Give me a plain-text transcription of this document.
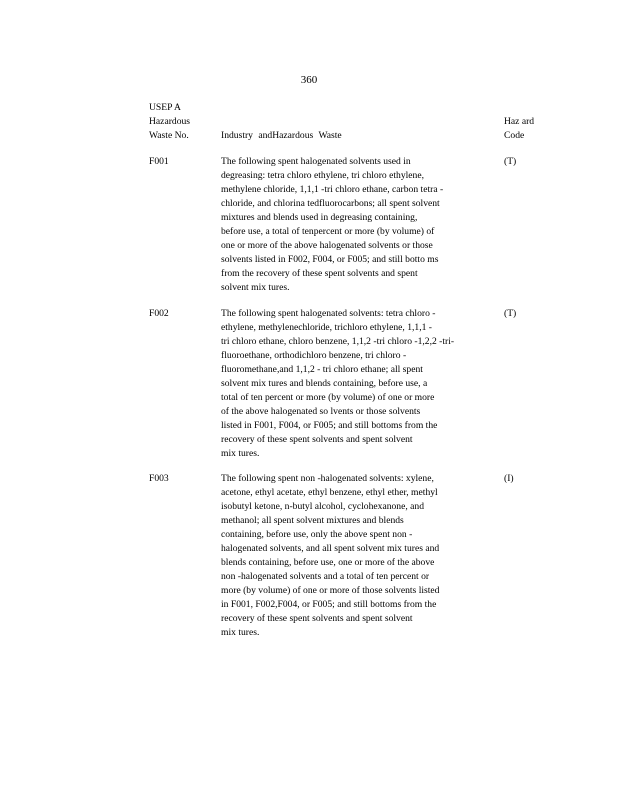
360
USEP A
Hazardous
Waste No.	Industry andHazardous Waste
Haz ard
Code
F001	The following spent halogenated solvents used in
degreasing: tetra chloro ethylene, tri chloro ethylene,
methylene chloride, 1,1,1 -tri chloro ethane, carbon tetra -
chloride, and chlorina tedfluorocarbons; all spent solvent
mixtures and blends used in degreasing containing,
before use, a total of tenpercent or more (by volume) of
one or more of the above halogenated solvents or those
solvents listed in F002, F004, or F005; and still botto ms
from the recovery of these spent solvents and spent
solvent mix tures.
(T)
F002	The following spent halogenated solvents: tetra chloro -
ethylene, methylenechloride, trichloro ethylene, 1,1,1 -
tri chloro ethane, chloro benzene, 1,1,2 -tri chloro -1,2,2 -tri-
fluoroethane, orthodichloro benzene, tri chloro -
fluoromethane,and 1,1,2 - tri chloro ethane; all spent
solvent mix tures and blends containing, before use, a
total of ten percent or more (by volume) of one or more
of the above halogenated so lvents or those solvents
listed in F001, F004, or F005; and still bottoms from the
recovery of these spent solvents and spent solvent
mix tures.
(T)
F003	The following spent non -halogenated solvents: xylene,
acetone, ethyl acetate, ethyl benzene, ethyl ether, methyl
isobutyl ketone, n-butyl alcohol, cyclohexanone, and
methanol; all spent solvent mixtures and blends
containing, before use, only the above spent non -
halogenated solvents, and all spent solvent mix tures and
blends containing, before use, one or more of the above
non -halogenated solvents and a total of ten percent or
more (by volume) of one or more of those solvents listed
in F001, F002,F004, or F005; and still bottoms from the
recovery of these spent solvents and spent solvent
mix tures.
(I)
